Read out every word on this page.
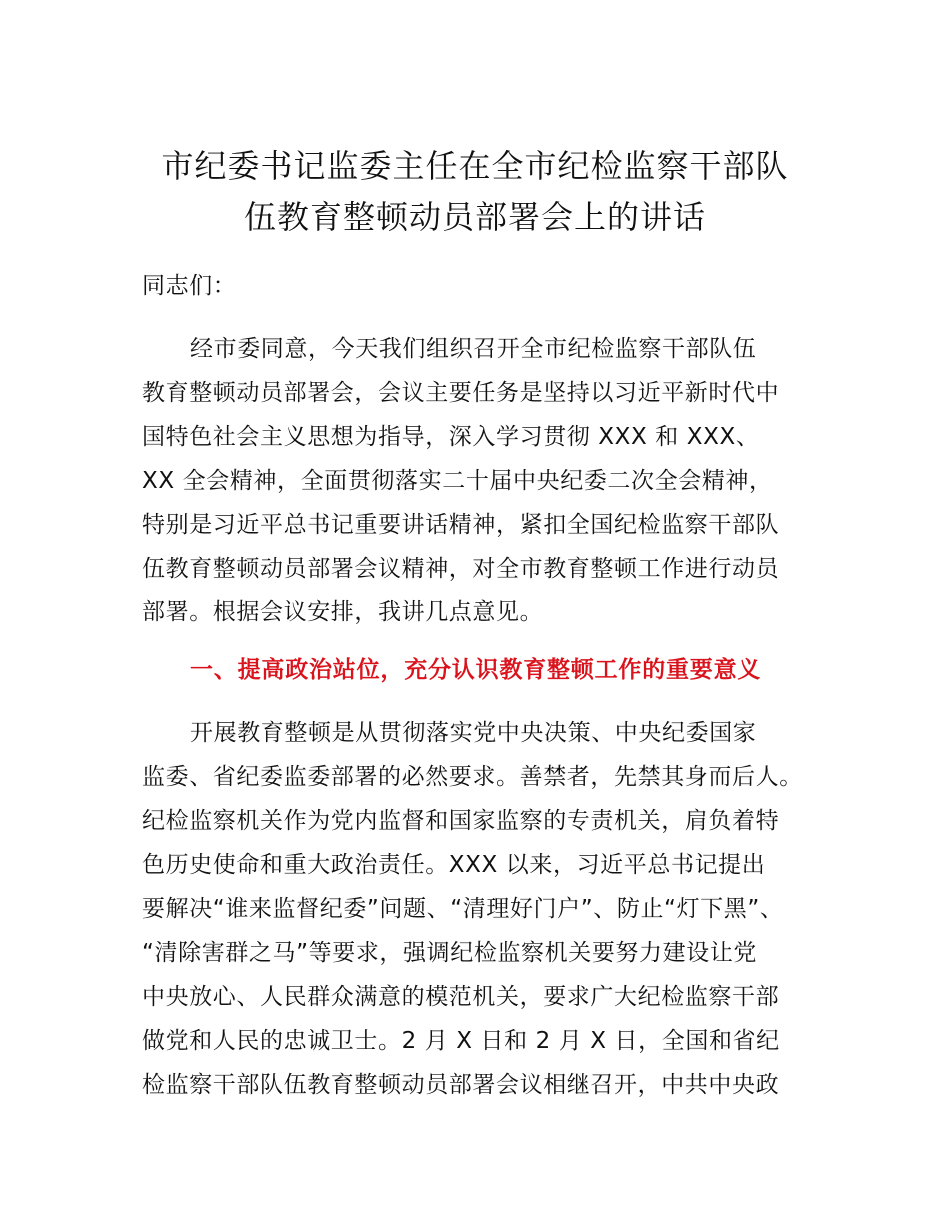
市纪委书记监委主任在全市纪检监察干部队
伍教育整顿动员部署会上的讲话
同志们：
经市委同意，今天我们组织召开全市纪检监察干部队伍
教育整顿动员部署会，会议主要任务是坚持以习近平新时代中
国特色社会主义思想为指导，深入学习贯彻 XXX 和 XXX、
XX 全会精神，全面贯彻落实二十届中央纪委二次全会精神，
特别是习近平总书记重要讲话精神，紧扣全国纪检监察干部队
伍教育整顿动员部署会议精神，对全市教育整顿工作进行动员
部署。根据会议安排，我讲几点意见。
一、提高政治站位，充分认识教育整顿工作的重要意义
开展教育整顿是从贯彻落实党中央决策、中央纪委国家
监委、省纪委监委部署的必然要求。善禁者，先禁其身而后人。
纪检监察机关作为党内监督和国家监察的专责机关，肩负着特
色历史使命和重大政治责任。XXX 以来，习近平总书记提出
要解决“谁来监督纪委”问题、“清理好门户”、防止“灯下黑”、
“清除害群之马”等要求，强调纪检监察机关要努力建设让党
中央放心、人民群众满意的模范机关，要求广大纪检监察干部
做党和人民的忠诚卫士。2 月 X 日和 2 月 X 日，全国和省纪
检监察干部队伍教育整顿动员部署会议相继召开，中共中央政
